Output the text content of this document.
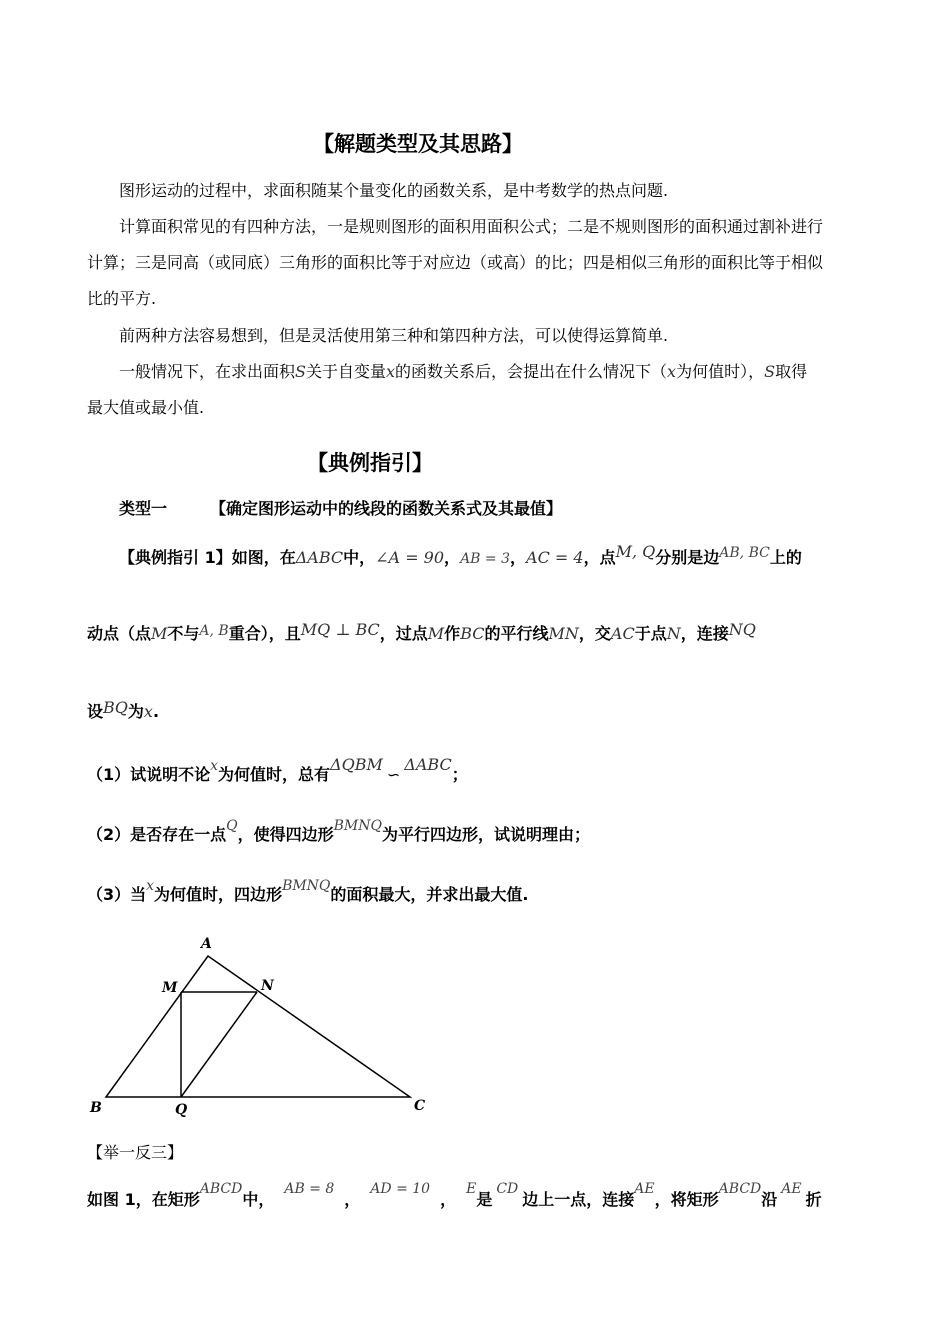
【解题类型及其思路】
图形运动的过程中，求面积随某个量变化的函数关系，是中考数学的热点问题.
计算面积常见的有四种方法，一是规则图形的面积用面积公式；二是不规则图形的面积通过割补进行
计算；三是同高（或同底）三角形的面积比等于对应边（或高）的比；四是相似三角形的面积比等于相似
比的平方.
前两种方法容易想到，但是灵活使用第三种和第四种方法，可以使得运算简单.
一般情况下，在求出面积S关于自变量x的函数关系后，会提出在什么情况下（x为何值时），S取得
最大值或最小值.
【典例指引】
类型一	【确定图形运动中的线段的函数关系式及其最值】
【典例指引 1】如图，在ΔABC中，∠A = 90，AB = 3，AC = 4，点M, Q分别是边AB, BC上的
动点（点M不与A, B重合），且MQ ⊥ BC，过点M作BC的平行线MN，交AC于点N，连接NQ
设BQ为x.
（1）试说明不论x为何值时，总有ΔQBM∽ΔABC；
（2）是否存在一点Q，使得四边形BMNQ为平行四边形，试说明理由；
（3）当x为何值时，四边形BMNQ的面积最大，并求出最大值.
A
M	N
B	Q	C
【举一反三】
如图 1，在矩形ABCD中，AB = 8，AD = 10，E是CD边上一点，连接AE，将矩形ABCD沿AE折
